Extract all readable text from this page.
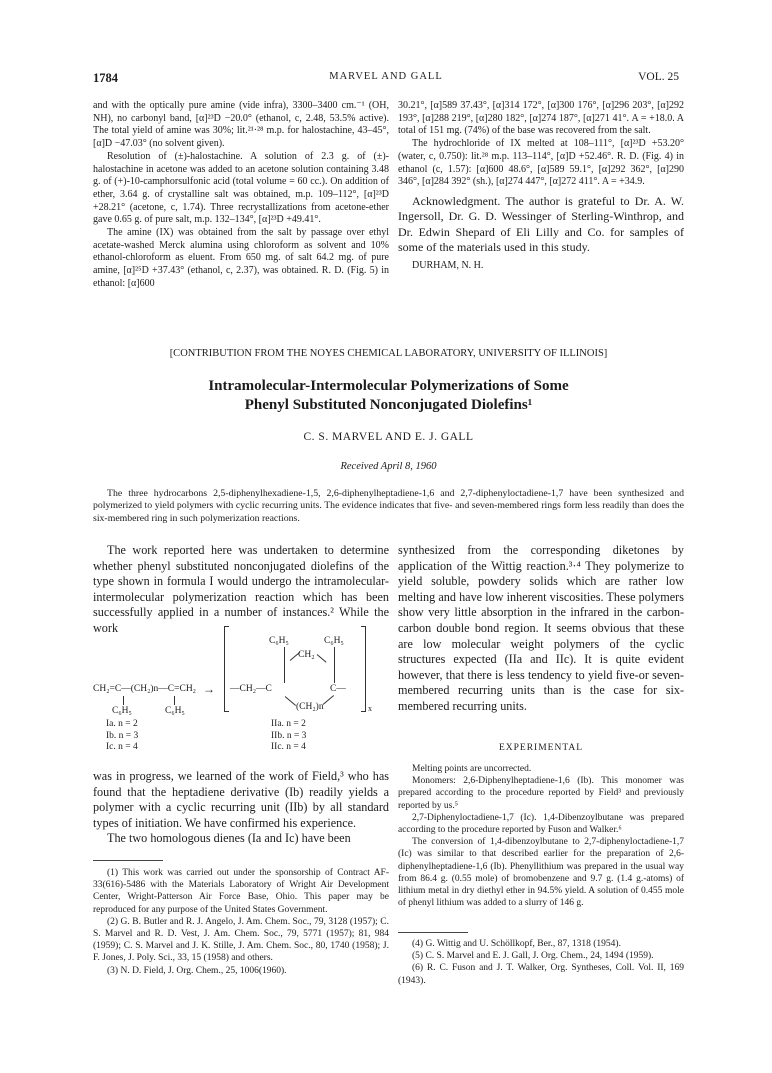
1784	MARVEL AND GALL	VOL. 25

and with the optically pure amine (vide infra), 3300–3400 cm.⁻¹ (OH, NH), no carbonyl band, [α]²³D −20.0° (ethanol, c, 2.48, 53.5% active). The total yield of amine was 30%; lit.²¹·²⁸ m.p. for halostachine, 43–45°, [α]D −47.03° (no solvent given).

Resolution of (±)-halostachine. A solution of 2.3 g. of (±)-halostachine in acetone was added to an acetone solution containing 3.48 g. of (+)-10-camphorsulfonic acid (total volume = 60 cc.). On addition of ether, 3.64 g. of crystalline salt was obtained, m.p. 109–112°, [α]²³D +28.21° (acetone, c, 1.74). Three recrystallizations from acetone-ether gave 0.65 g. of pure salt, m.p. 132–134°, [α]²³D +49.41°.

The amine (IX) was obtained from the salt by passage over ethyl acetate-washed Merck alumina using chloroform as solvent and 10% ethanol-chloroform as eluent. From 650 mg. of salt 64.2 mg. of pure amine, [α]²⁵D +37.43° (ethanol, c, 2.37), was obtained. R. D. (Fig. 5) in ethanol: [α]600

30.21°, [α]589 37.43°, [α]314 172°, [α]300 176°, [α]296 203°, [α]292 193°, [α]288 219°, [α]280 182°, [α]274 187°, [α]271 41°. A = +18.0. A total of 151 mg. (74%) of the base was recovered from the salt.

The hydrochloride of IX melted at 108–111°, [α]²³D +53.20° (water, c, 0.750): lit.²⁸ m.p. 113–114°, [α]D +52.46°. R. D. (Fig. 4) in ethanol (c, 1.57): [α]600 48.6°, [α]589 59.1°, [α]292 362°, [α]290 346°, [α]284 392° (sh.), [α]274 447°, [α]272 411°. A = +34.9.

Acknowledgment. The author is grateful to Dr. A. W. Ingersoll, Dr. G. D. Wessinger of Sterling-Winthrop, and Dr. Edwin Shepard of Eli Lilly and Co. for samples of some of the materials used in this study.

DURHAM, N. H.

[CONTRIBUTION FROM THE NOYES CHEMICAL LABORATORY, UNIVERSITY OF ILLINOIS]
Intramolecular-Intermolecular Polymerizations of Some
Phenyl Substituted Nonconjugated Diolefins¹
C. S. MARVEL AND E. J. GALL
Received April 8, 1960
The three hydrocarbons 2,5-diphenylhexadiene-1,5, 2,6-diphenylheptadiene-1,6 and 2,7-diphenyloctadiene-1,7 have been synthesized and polymerized to yield polymers with cyclic recurring units. The evidence indicates that five- and seven-membered rings form less readily than does the six-membered ring in such polymerization reactions.
The work reported here was undertaken to determine whether phenyl substituted nonconjugated diolefins of the type shown in formula I would undergo the intramolecular-intermolecular polymerization reaction which has been successfully applied in a number of instances.² While the work
CH₂=C—(CH₂)n—C=CH₂
C₆H₅	C₆H₅
→
x
C₆H₅	C₆H₅
CH₂
—CH₂—C	C—
(CH₂)n
Ia. n = 2
Ib. n = 3
Ic. n = 4
IIa. n = 2
IIb. n = 3
IIc. n = 4

was in progress, we learned of the work of Field,³ who has found that the heptadiene derivative (Ib) readily yields a polymer with a cyclic recurring unit (IIb) by all standard types of initiation. We have confirmed his experience.

The two homologous dienes (Ia and Ic) have been

(1) This work was carried out under the sponsorship of Contract AF-33(616)-5486 with the Materials Laboratory of Wright Air Development Center, Wright-Patterson Air Force Base, Ohio. This paper may be reproduced for any purpose of the United States Government.

(2) G. B. Butler and R. J. Angelo, J. Am. Chem. Soc., 79, 3128 (1957); C. S. Marvel and R. D. Vest, J. Am. Chem. Soc., 79, 5771 (1957); 81, 984 (1959); C. S. Marvel and J. K. Stille, J. Am. Chem. Soc., 80, 1740 (1958); J. F. Jones, J. Poly. Sci., 33, 15 (1958) and others.

(3) N. D. Field, J. Org. Chem., 25, 1006(1960).

synthesized from the corresponding diketones by application of the Wittig reaction.³·⁴ They polymerize to yield soluble, powdery solids which are rather low melting and have low inherent viscosities. These polymers show very little absorption in the infrared in the carbon-carbon double bond region. It seems obvious that these are low molecular weight polymers of the cyclic structures expected (IIa and IIc). It is quite evident however, that there is less tendency to yield five-or seven-membered recurring units than is the case for six-membered recurring units.
EXPERIMENTAL

Melting points are uncorrected.

Monomers: 2,6-Diphenylheptadiene-1,6 (Ib). This monomer was prepared according to the procedure reported by Field³ and previously reported by us.⁵

2,7-Diphenyloctadiene-1,7 (Ic). 1,4-Dibenzoylbutane was prepared according to the procedure reported by Fuson and Walker.⁶

The conversion of 1,4-dibenzoylbutane to 2,7-diphenyloctadiene-1,7 (Ic) was similar to that described earlier for the preparation of 2,6-diphenylheptadiene-1,6 (Ib). Phenyllithium was prepared in the usual way from 86.4 g. (0.55 mole) of bromobenzene and 9.7 g. (1.4 g.-atoms) of lithium metal in dry diethyl ether in 94.5% yield. A solution of 0.455 mole of phenyl lithium was added to a slurry of 146 g.

(4) G. Wittig and U. Schöllkopf, Ber., 87, 1318 (1954).

(5) C. S. Marvel and E. J. Gall, J. Org. Chem., 24, 1494 (1959).

(6) R. C. Fuson and J. T. Walker, Org. Syntheses, Coll. Vol. II, 169 (1943).
